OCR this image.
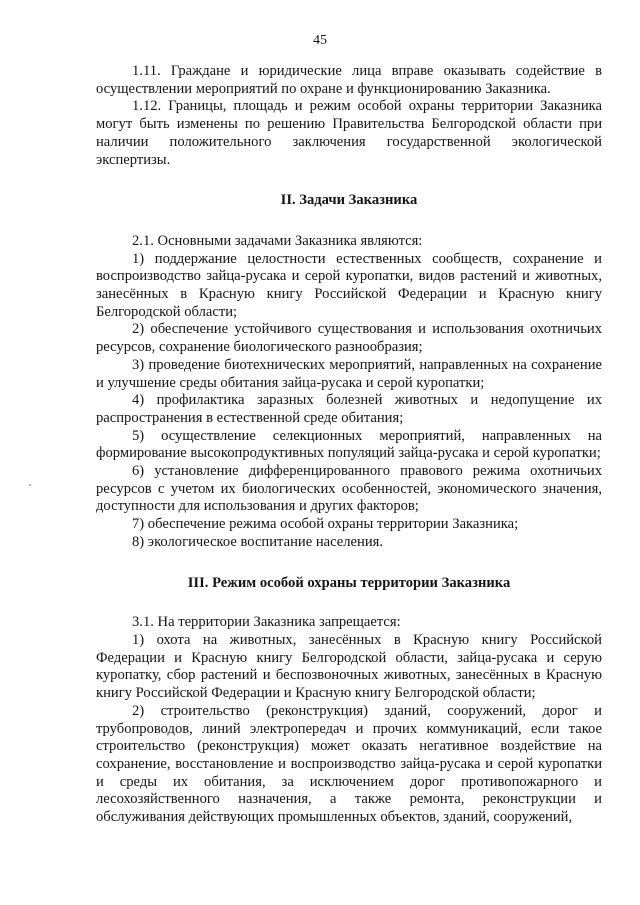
45

1.11. Граждане и юридические лица вправе оказывать содействие в осуществлении мероприятий по охране и функционированию Заказника.

1.12. Границы, площадь и режим особой охраны территории Заказника могут быть изменены по решению Правительства Белгородской области при наличии положительного заключения государственной экологической экспертизы.

II. Задачи Заказника

2.1. Основными задачами Заказника являются:

1) поддержание целостности естественных сообществ, сохранение и воспроизводство зайца-русака и серой куропатки, видов растений и животных, занесённых в Красную книгу Российской Федерации и Красную книгу Белгородской области;

2) обеспечение устойчивого существования и использования охотничьих ресурсов, сохранение биологического разнообразия;

3) проведение биотехнических мероприятий, направленных на сохранение и улучшение среды обитания зайца-русака и серой куропатки;

4) профилактика заразных болезней животных и недопущение их распространения в естественной среде обитания;

5) осуществление селекционных мероприятий, направленных на формирование высокопродуктивных популяций зайца-русака и серой куропатки;

6) установление дифференцированного правового режима охотничьих ресурсов с учетом их биологических особенностей, экономического значения, доступности для использования и других факторов;

7) обеспечение режима особой охраны территории Заказника;

8) экологическое воспитание населения.

III. Режим особой охраны территории Заказника

3.1. На территории Заказника запрещается:

1) охота на животных, занесённых в Красную книгу Российской Федерации и Красную книгу Белгородской области, зайца-русака и серую куропатку, сбор растений и беспозвоночных животных, занесённых в Красную книгу Российской Федерации и Красную книгу Белгородской области;

2) строительство (реконструкция) зданий, сооружений, дорог и трубопроводов, линий электропередач и прочих коммуникаций, если такое строительство (реконструкция) может оказать негативное воздействие на сохранение, восстановление и воспроизводство зайца-русака и серой куропатки и среды их обитания, за исключением дорог противопожарного и лесохозяйственного назначения, а также ремонта, реконструкции и обслуживания действующих промышленных объектов, зданий, сооружений,
